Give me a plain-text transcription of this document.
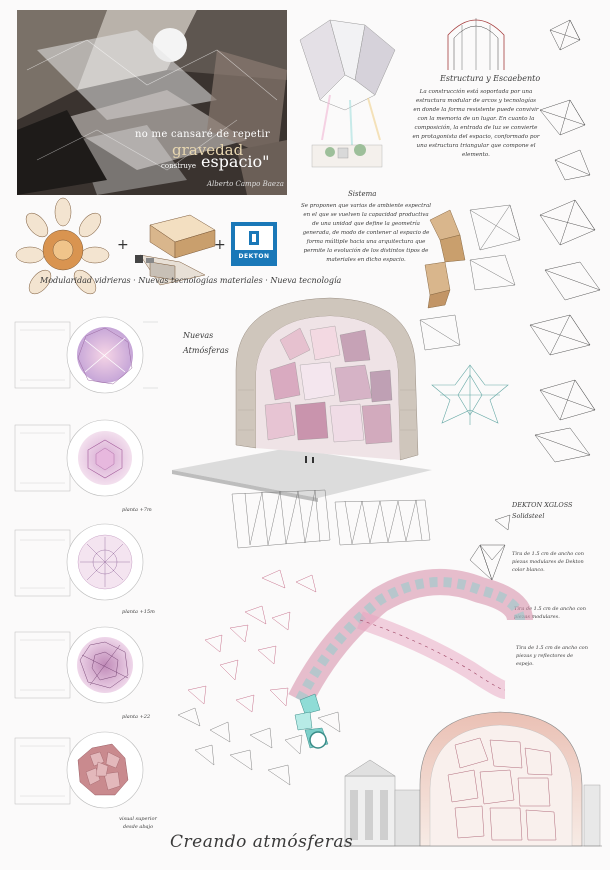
no me cansaré de repetir
gravedad
construye espacio"
Alberto Campo Baeza
Estructura y Escaebento
La construcción está soportada por una estructura modular de arcos y tecnologías en donde la forma resistente puede convivir con la memoria de un lugar. En cuanto la composición, la entrada de luz se convierte en protagonista del espacio, conformado por una estructura triangular que compone el elemento.
Sistema
Se proponen que varias de ambiente espectral en el que se vuelven la capacidad productiva de una unidad que define la geometría generada, de modo de contener al espacio de forma múltiple hacia una arquitectura que permite la evolución de los distintos tipos de materiales en dicho espacio.
+	+
DEKTON
Modularidad vidrieras · Nuevas tecnologías materiales · Nueva tecnología
planta +7m
planta +15m
planta +22
visual superior desde abajo
Nuevas Atmósferas
DEKTON XGLOSS Solidsteel
Tira de 1.5 cm de ancho con piezas modulares de Dekton color blanco.
Tira de 1.5 cm de ancho con piezas modulares.
Tira de 1.5 cm de ancho con piezas y reflectores de espejo.
Creando atmósferas
